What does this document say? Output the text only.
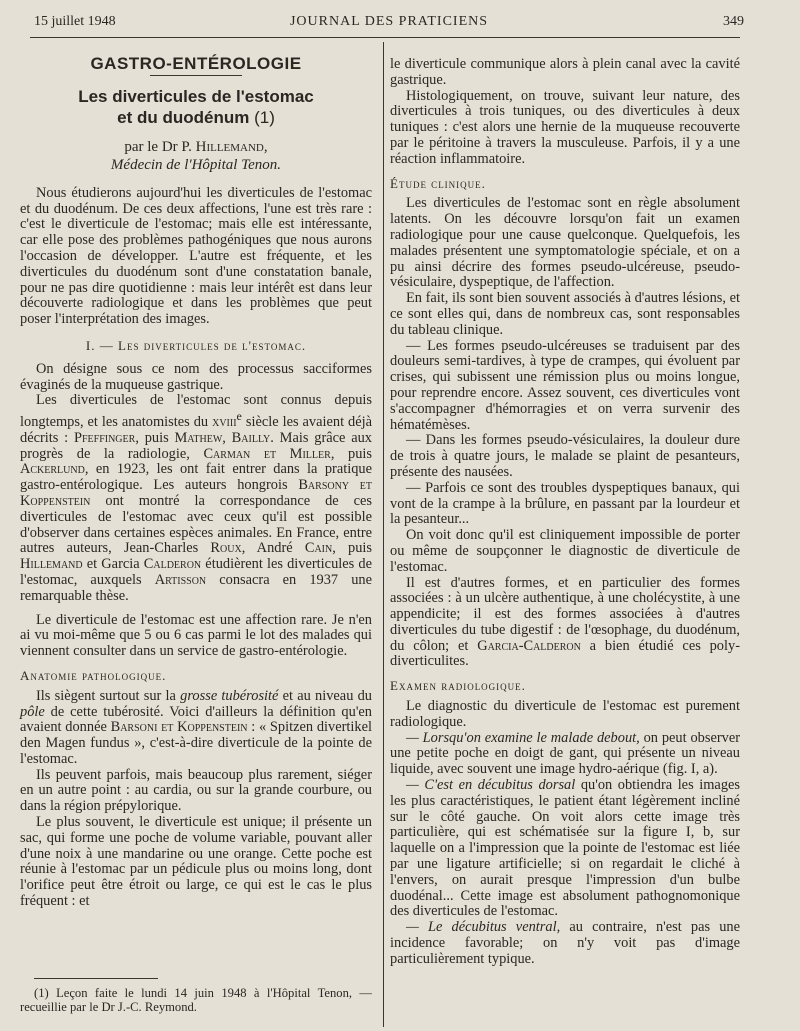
15 juillet 1948	JOURNAL DES PRATICIENS	349
GASTRO-ENTÉROLOGIE
Les diverticules de l'estomac
et du duodénum (1)
par le Dr P. Hillemand,
Médecin de l'Hôpital Tenon.

Nous étudierons aujourd'hui les diverticules de l'estomac et du duodénum. De ces deux affections, l'une est très rare : c'est le diverticule de l'estomac; mais elle est intéressante, car elle pose des problèmes pathogéniques que nous aurons l'occasion de développer. L'autre est fréquente, et les diverticules du duodénum sont d'une constatation banale, pour ne pas dire quotidienne : mais leur intérêt est dans leur découverte radiologique et dans les problèmes que peut poser l'interprétation des images.

I. — Les diverticules de l'estomac.

On désigne sous ce nom des processus sacciformes évaginés de la muqueuse gastrique.

Les diverticules de l'estomac sont connus depuis longtemps, et les anatomistes du xviii$^e$ siècle les avaient déjà décrits : Pfeffinger, puis Mathew, Bailly. Mais grâce aux progrès de la radiologie, Carman et Miller, puis Ackerlund, en 1923, les ont fait entrer dans la pratique gastro-entérologique. Les auteurs hongrois Barsony et Koppenstein ont montré la correspondance de ces diverticules de l'estomac avec ceux qu'il est possible d'observer dans certaines espèces animales. En France, entre autres auteurs, Jean-Charles Roux, André Cain, puis Hillemand et Garcia Calderon étudièrent les diverticules de l'estomac, auxquels Artisson consacra en 1937 une remarquable thèse.

Le diverticule de l'estomac est une affection rare. Je n'en ai vu moi-même que 5 ou 6 cas parmi le lot des malades qui viennent consulter dans un service de gastro-entérologie.

Anatomie pathologique.

Ils siègent surtout sur la grosse tubérosité et au niveau du pôle de cette tubérosité. Voici d'ailleurs la définition qu'en avaient donnée Barsoni et Koppenstein : « Spitzen divertikel den Magen fundus », c'est-à-dire diverticule de la pointe de l'estomac.

Ils peuvent parfois, mais beaucoup plus rarement, siéger en un autre point : au cardia, ou sur la grande courbure, ou dans la région prépylorique.

Le plus souvent, le diverticule est unique; il présente un sac, qui forme une poche de volume variable, pouvant aller d'une noix à une mandarine ou une orange. Cette poche est réunie à l'estomac par un pédicule plus ou moins long, dont l'orifice peut être étroit ou large, ce qui est le cas le plus fréquent : et

(1) Leçon faite le lundi 14 juin 1948 à l'Hôpital Tenon, — recueillie par le Dr J.-C. Reymond.

le diverticule communique alors à plein canal avec la cavité gastrique.

Histologiquement, on trouve, suivant leur nature, des diverticules à trois tuniques, ou des diverticules à deux tuniques : c'est alors une hernie de la muqueuse recouverte par le péritoine à travers la musculeuse. Parfois, il y a une réaction inflammatoire.

Étude clinique.

Les diverticules de l'estomac sont en règle absolument latents. On les découvre lorsqu'on fait un examen radiologique pour une cause quelconque. Quelquefois, les malades présentent une symptomatologie spéciale, et on a pu ainsi décrire des formes pseudo-ulcéreuse, pseudo-vésiculaire, dyspeptique, de l'affection.

En fait, ils sont bien souvent associés à d'autres lésions, et ce sont elles qui, dans de nombreux cas, sont responsables du tableau clinique.

— Les formes pseudo-ulcéreuses se traduisent par des douleurs semi-tardives, à type de crampes, qui évoluent par crises, qui subissent une rémission plus ou moins longue, pour reprendre encore. Assez souvent, ces diverticules vont s'accompagner d'hémorragies et on verra survenir des hématémèses.

— Dans les formes pseudo-vésiculaires, la douleur dure de trois à quatre jours, le malade se plaint de pesanteurs, présente des nausées.

— Parfois ce sont des troubles dyspeptiques banaux, qui vont de la crampe à la brûlure, en passant par la lourdeur et la pesanteur...

On voit donc qu'il est cliniquement impossible de porter ou même de soupçonner le diagnostic de diverticule de l'estomac.

Il est d'autres formes, et en particulier des formes associées : à un ulcère authentique, à une cholécystite, à une appendicite; il est des formes associées à d'autres diverticules du tube digestif : de l'œsophage, du duodénum, du côlon; et Garcia-Calderon a bien étudié ces poly-diverticulites.

Examen radiologique.

Le diagnostic du diverticule de l'estomac est purement radiologique.

— Lorsqu'on examine le malade debout, on peut observer une petite poche en doigt de gant, qui présente un niveau liquide, avec souvent une image hydro-aérique (fig. I, a).

— C'est en décubitus dorsal qu'on obtiendra les images les plus caractéristiques, le patient étant légèrement incliné sur le côté gauche. On voit alors cette image très particulière, qui est schématisée sur la figure I, b, sur laquelle on a l'impression que la pointe de l'estomac est liée par une ligature artificielle; si on regardait le cliché à l'envers, on aurait presque l'impression d'un bulbe duodénal... Cette image est absolument pathognomonique des diverticules de l'estomac.

— Le décubitus ventral, au contraire, n'est pas une incidence favorable; on n'y voit pas d'image particulièrement typique.
